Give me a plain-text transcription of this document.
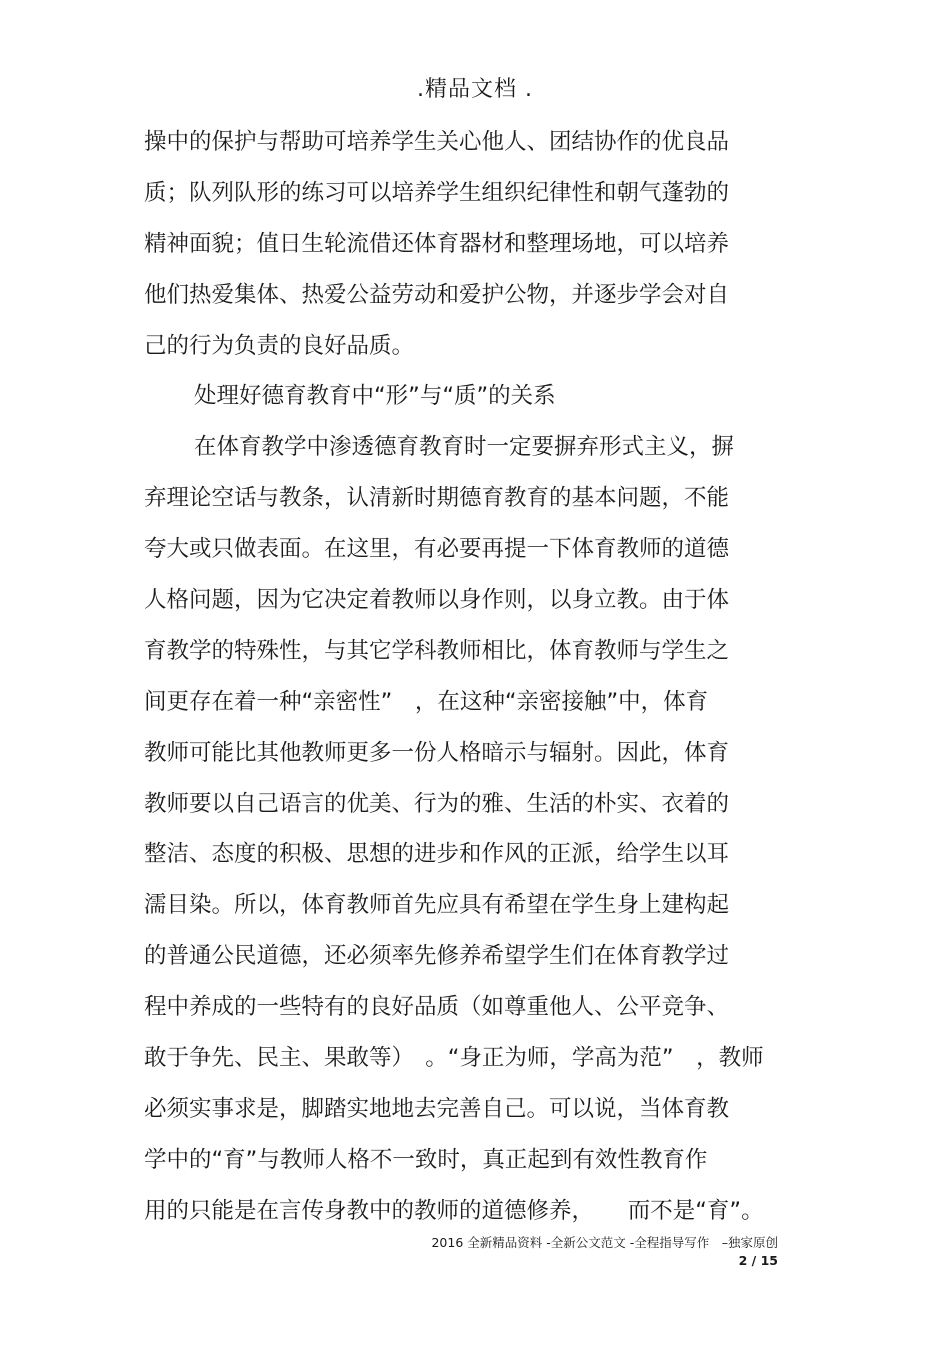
.精品文档 .
操中的保护与帮助可培养学生关心他人、团结协作的优良品
质；队列队形的练习可以培养学生组织纪律性和朝气蓬勃的
精神面貌；值日生轮流借还体育器材和整理场地，可以培养
他们热爱集体、热爱公益劳动和爱护公物，并逐步学会对自
己的行为负责的良好品质。
处理好德育教育中“形”与“质”的关系
在体育教学中渗透德育教育时一定要摒弃形式主义，摒
弃理论空话与教条，认清新时期德育教育的基本问题，不能
夸大或只做表面。在这里，有必要再提一下体育教师的道德
人格问题，因为它决定着教师以身作则，以身立教。由于体
育教学的特殊性，与其它学科教师相比，体育教师与学生之
间更存在着一种“亲密性”　，在这种“亲密接触”中，体育
教师可能比其他教师更多一份人格暗示与辐射。因此，体育
教师要以自己语言的优美、行为的雅、生活的朴实、衣着的
整洁、态度的积极、思想的进步和作风的正派，给学生以耳
濡目染。所以，体育教师首先应具有希望在学生身上建构起
的普通公民道德，还必须率先修养希望学生们在体育教学过
程中养成的一些特有的良好品质（如尊重他人、公平竞争、
敢于争先、民主、果敢等）　。“身正为师，学高为范”　，教师
必须实事求是，脚踏实地地去完善自己。可以说，当体育教
学中的“育”与教师人格不一致时，真正起到有效性教育作
用的只能是在言传身教中的教师的道德修养，　　而不是“育”。
2016 全新精品资料 -全新公文范文 -全程指导写作　–独家原创
2 / 15
